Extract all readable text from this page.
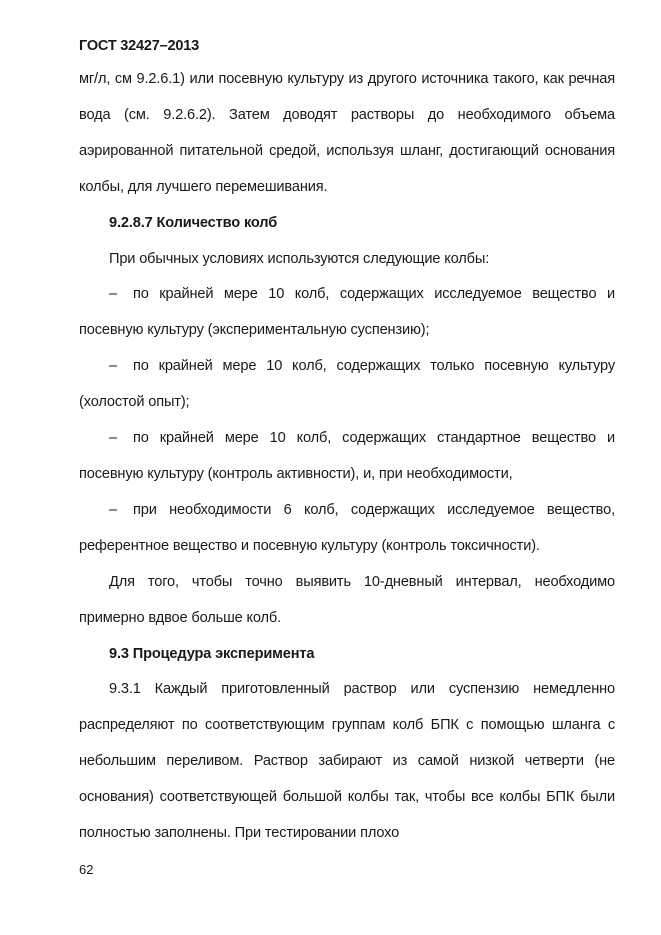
ГОСТ 32427–2013

мг/л, см 9.2.6.1) или посевную культуру из другого источника такого, как речная вода (см. 9.2.6.2). Затем доводят растворы до необходимого объема аэрированной питательной средой, используя шланг, достигающий основания колбы, для лучшего перемешивания.

9.2.8.7 Количество колб

При обычных условиях используются следующие колбы:

– по крайней мере 10 колб, содержащих исследуемое вещество и посевную культуру (экспериментальную суспензию);

– по крайней мере 10 колб, содержащих только посевную культуру (холостой опыт);

– по крайней мере 10 колб, содержащих стандартное вещество и посевную культуру (контроль активности), и, при необходимости,

– при необходимости 6 колб, содержащих исследуемое вещество, референтное вещество и посевную культуру (контроль токсичности).

Для того, чтобы точно выявить 10-дневный интервал, необходимо примерно вдвое больше колб.

9.3 Процедура эксперимента

9.3.1 Каждый приготовленный раствор или суспензию немедленно распределяют по соответствующим группам колб БПК с помощью шланга с небольшим переливом. Раствор забирают из самой низкой четверти (не основания) соответствующей большой колбы так, чтобы все колбы БПК были полностью заполнены. При тестировании плохо

62
